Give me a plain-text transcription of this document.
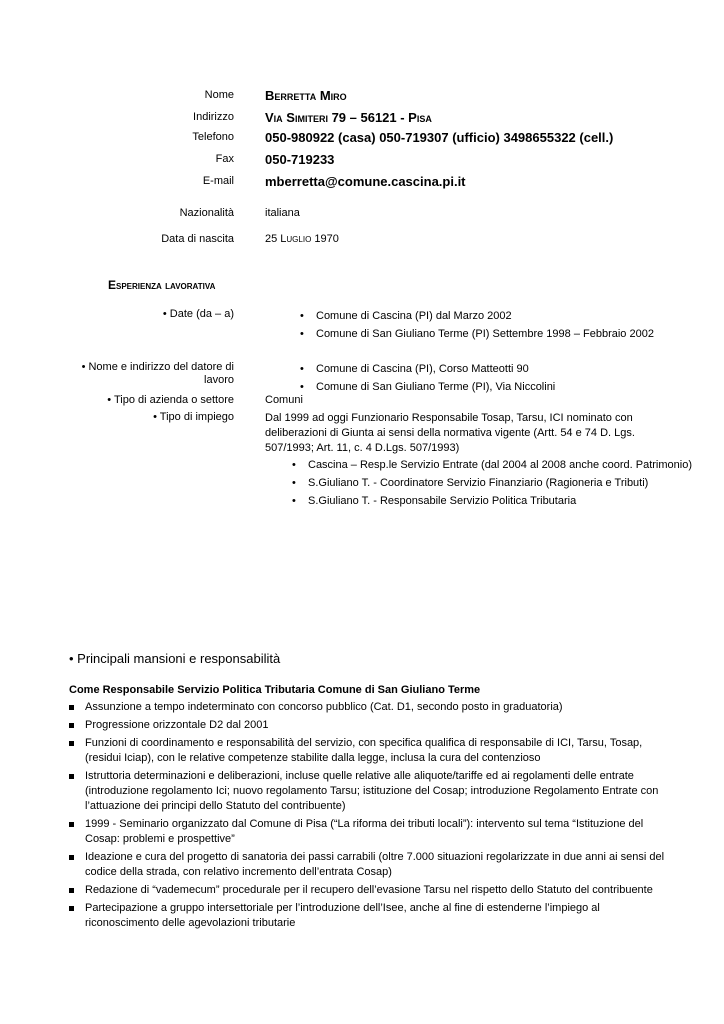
Nome Berretta Miro
Indirizzo Via Simiteri 79 – 56121 - Pisa
Telefono 050-980922 (casa) 050-719307 (ufficio) 3498655322 (cell.)
Fax 050-719233
E-mail mberretta@comune.cascina.pi.it
Nazionalità	italiana
Data di nascita	25 Luglio 1970
Esperienza lavorativa
• Date (da – a)
•	Comune di Cascina (PI) dal Marzo 2002
• Comune di San Giuliano Terme (PI) Settembre 1998 – Febbraio 2002
• Nome e indirizzo del datore di lavoro
• Comune di Cascina (PI), Corso Matteotti 90
• Comune di San Giuliano Terme (PI), Via Niccolini
• Tipo di azienda o settore	Comuni
• Tipo di impiego	Dal 1999 ad oggi Funzionario Responsabile Tosap, Tarsu, ICI nominato con deliberazioni di Giunta ai sensi della normativa vigente (Artt. 54 e 74 D. Lgs. 507/1993; Art. 11, c. 4 D.Lgs. 507/1993)
• Cascina – Resp.le Servizio Entrate (dal 2004 al 2008 anche coord. Patrimonio)
• S.Giuliano T. - Coordinatore Servizio Finanziario (Ragioneria e Tributi)
• S.Giuliano T. - Responsabile Servizio Politica Tributaria
• Principali mansioni e responsabilità
Come Responsabile Servizio Politica Tributaria Comune di San Giuliano Terme
Assunzione a tempo indeterminato con concorso pubblico (Cat. D1, secondo posto in graduatoria)
Progressione orizzontale D2 dal 2001
Funzioni di coordinamento e responsabilità del servizio, con specifica qualifica di responsabile di ICI, Tarsu, Tosap, (residui Iciap), con le relative competenze stabilite dalla legge, inclusa la cura del contenzioso
Istruttoria determinazioni e deliberazioni, incluse quelle relative alle aliquote/tariffe ed ai regolamenti delle entrate (introduzione regolamento Ici; nuovo regolamento Tarsu; istituzione del Cosap; introduzione Regolamento Entrate con l’attuazione dei principi dello Statuto del contribuente)
1999 - Seminario organizzato dal Comune di Pisa (“La riforma dei tributi locali”): intervento sul tema “Istituzione del Cosap: problemi e prospettive”
Ideazione e cura del progetto di sanatoria dei passi carrabili (oltre 7.000 situazioni regolarizzate in due anni ai sensi del codice della strada, con relativo incremento dell’entrata Cosap)
Redazione di “vademecum” procedurale per il recupero dell’evasione Tarsu nel rispetto dello Statuto del contribuente
Partecipazione a gruppo intersettoriale per l’introduzione dell’Isee, anche al fine di estenderne l’impiego al riconoscimento delle agevolazioni tributarie
